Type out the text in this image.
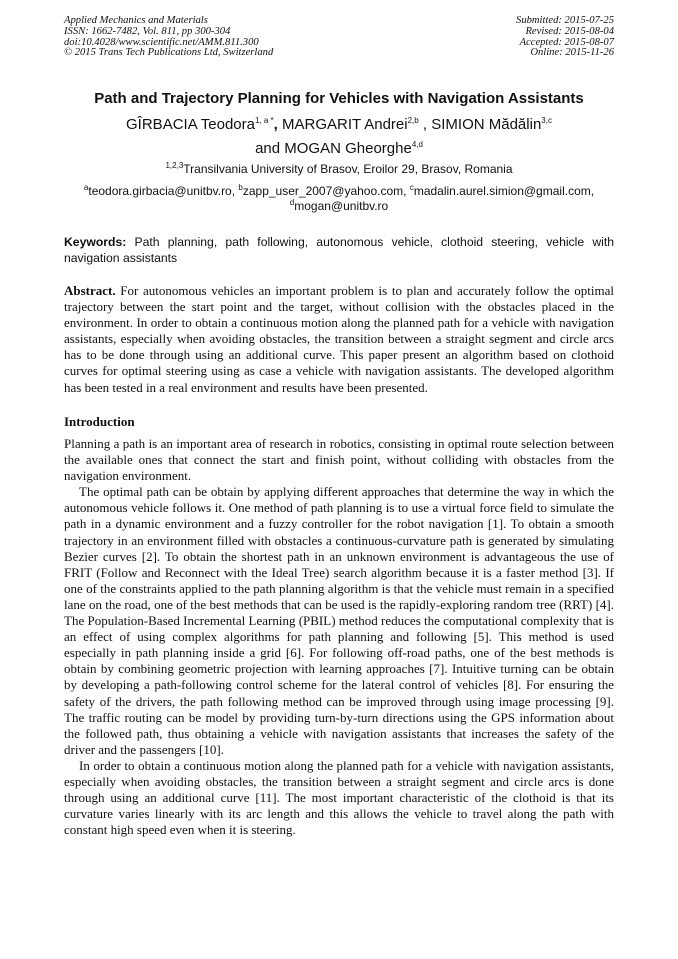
Applied Mechanics and Materials
ISSN: 1662-7482, Vol. 811, pp 300-304
doi:10.4028/www.scientific.net/AMM.811.300
© 2015 Trans Tech Publications Ltd, Switzerland
Submitted: 2015-07-25
Revised: 2015-08-04
Accepted: 2015-08-07
Online: 2015-11-26
Path and Trajectory Planning for Vehicles with Navigation Assistants
GÎRBACIA Teodora$^{1, a *}$, MARGARIT Andrei$^{2,b}$ , SIMION Mădălin$^{3,c}$
and MOGAN Gheorghe$^{4,d}$
$^{1,2,3}$Transilvania University of Brasov, Eroilor 29, Brasov, Romania
$^a$teodora.girbacia@unitbv.ro, $^b$zapp_user_2007@yahoo.com, $^c$madalin.aurel.simion@gmail.com,
$^d$mogan@unitbv.ro
Keywords: Path planning, path following, autonomous vehicle, clothoid steering, vehicle with navigation assistants
Abstract. For autonomous vehicles an important problem is to plan and accurately follow the optimal trajectory between the start point and the target, without collision with the obstacles placed in the environment. In order to obtain a continuous motion along the planned path for a vehicle with navigation assistants, especially when avoiding obstacles, the transition between a straight segment and circle arcs has to be done through using an additional curve. This paper present an algorithm based on clothoid curves for optimal steering using as case a vehicle with navigation assistants. The developed algorithm has been tested in a real environment and results have been presented.
Introduction

Planning a path is an important area of research in robotics, consisting in optimal route selection between the available ones that connect the start and finish point, without colliding with obstacles from the navigation environment.

The optimal path can be obtain by applying different approaches that determine the way in which the autonomous vehicle follows it. One method of path planning is to use a virtual force field to simulate the path in a dynamic environment and a fuzzy controller for the robot navigation [1]. To obtain a smooth trajectory in an environment filled with obstacles a continuous-curvature path is generated by simulating Bezier curves [2]. To obtain the shortest path in an unknown environment is advantageous the use of FRIT (Follow and Reconnect with the Ideal Tree) search algorithm because it is a faster method [3]. If one of the constraints applied to the path planning algorithm is that the vehicle must remain in a specified lane on the road, one of the best methods that can be used is the rapidly-exploring random tree (RRT) [4]. The Population-Based Incremental Learning (PBIL) method reduces the computational complexity that is an effect of using complex algorithms for path planning and following [5]. This method is used especially in path planning inside a grid [6]. For following off-road paths, one of the best methods is obtain by combining geometric projection with learning approaches [7]. Intuitive turning can be obtain by developing a path-following control scheme for the lateral control of vehicles [8]. For ensuring the safety of the drivers, the path following method can be improved through using image processing [9]. The traffic routing can be model by providing turn-by-turn directions using the GPS information about the followed path, thus obtaining a vehicle with navigation assistants that increases the safety of the driver and the passengers [10].

In order to obtain a continuous motion along the planned path for a vehicle with navigation assistants, especially when avoiding obstacles, the transition between a straight segment and circle arcs is done through using an additional curve [11]. The most important characteristic of the clothoid is that its curvature varies linearly with its arc length and this allows the vehicle to travel along the path with constant high speed even when it is steering.
